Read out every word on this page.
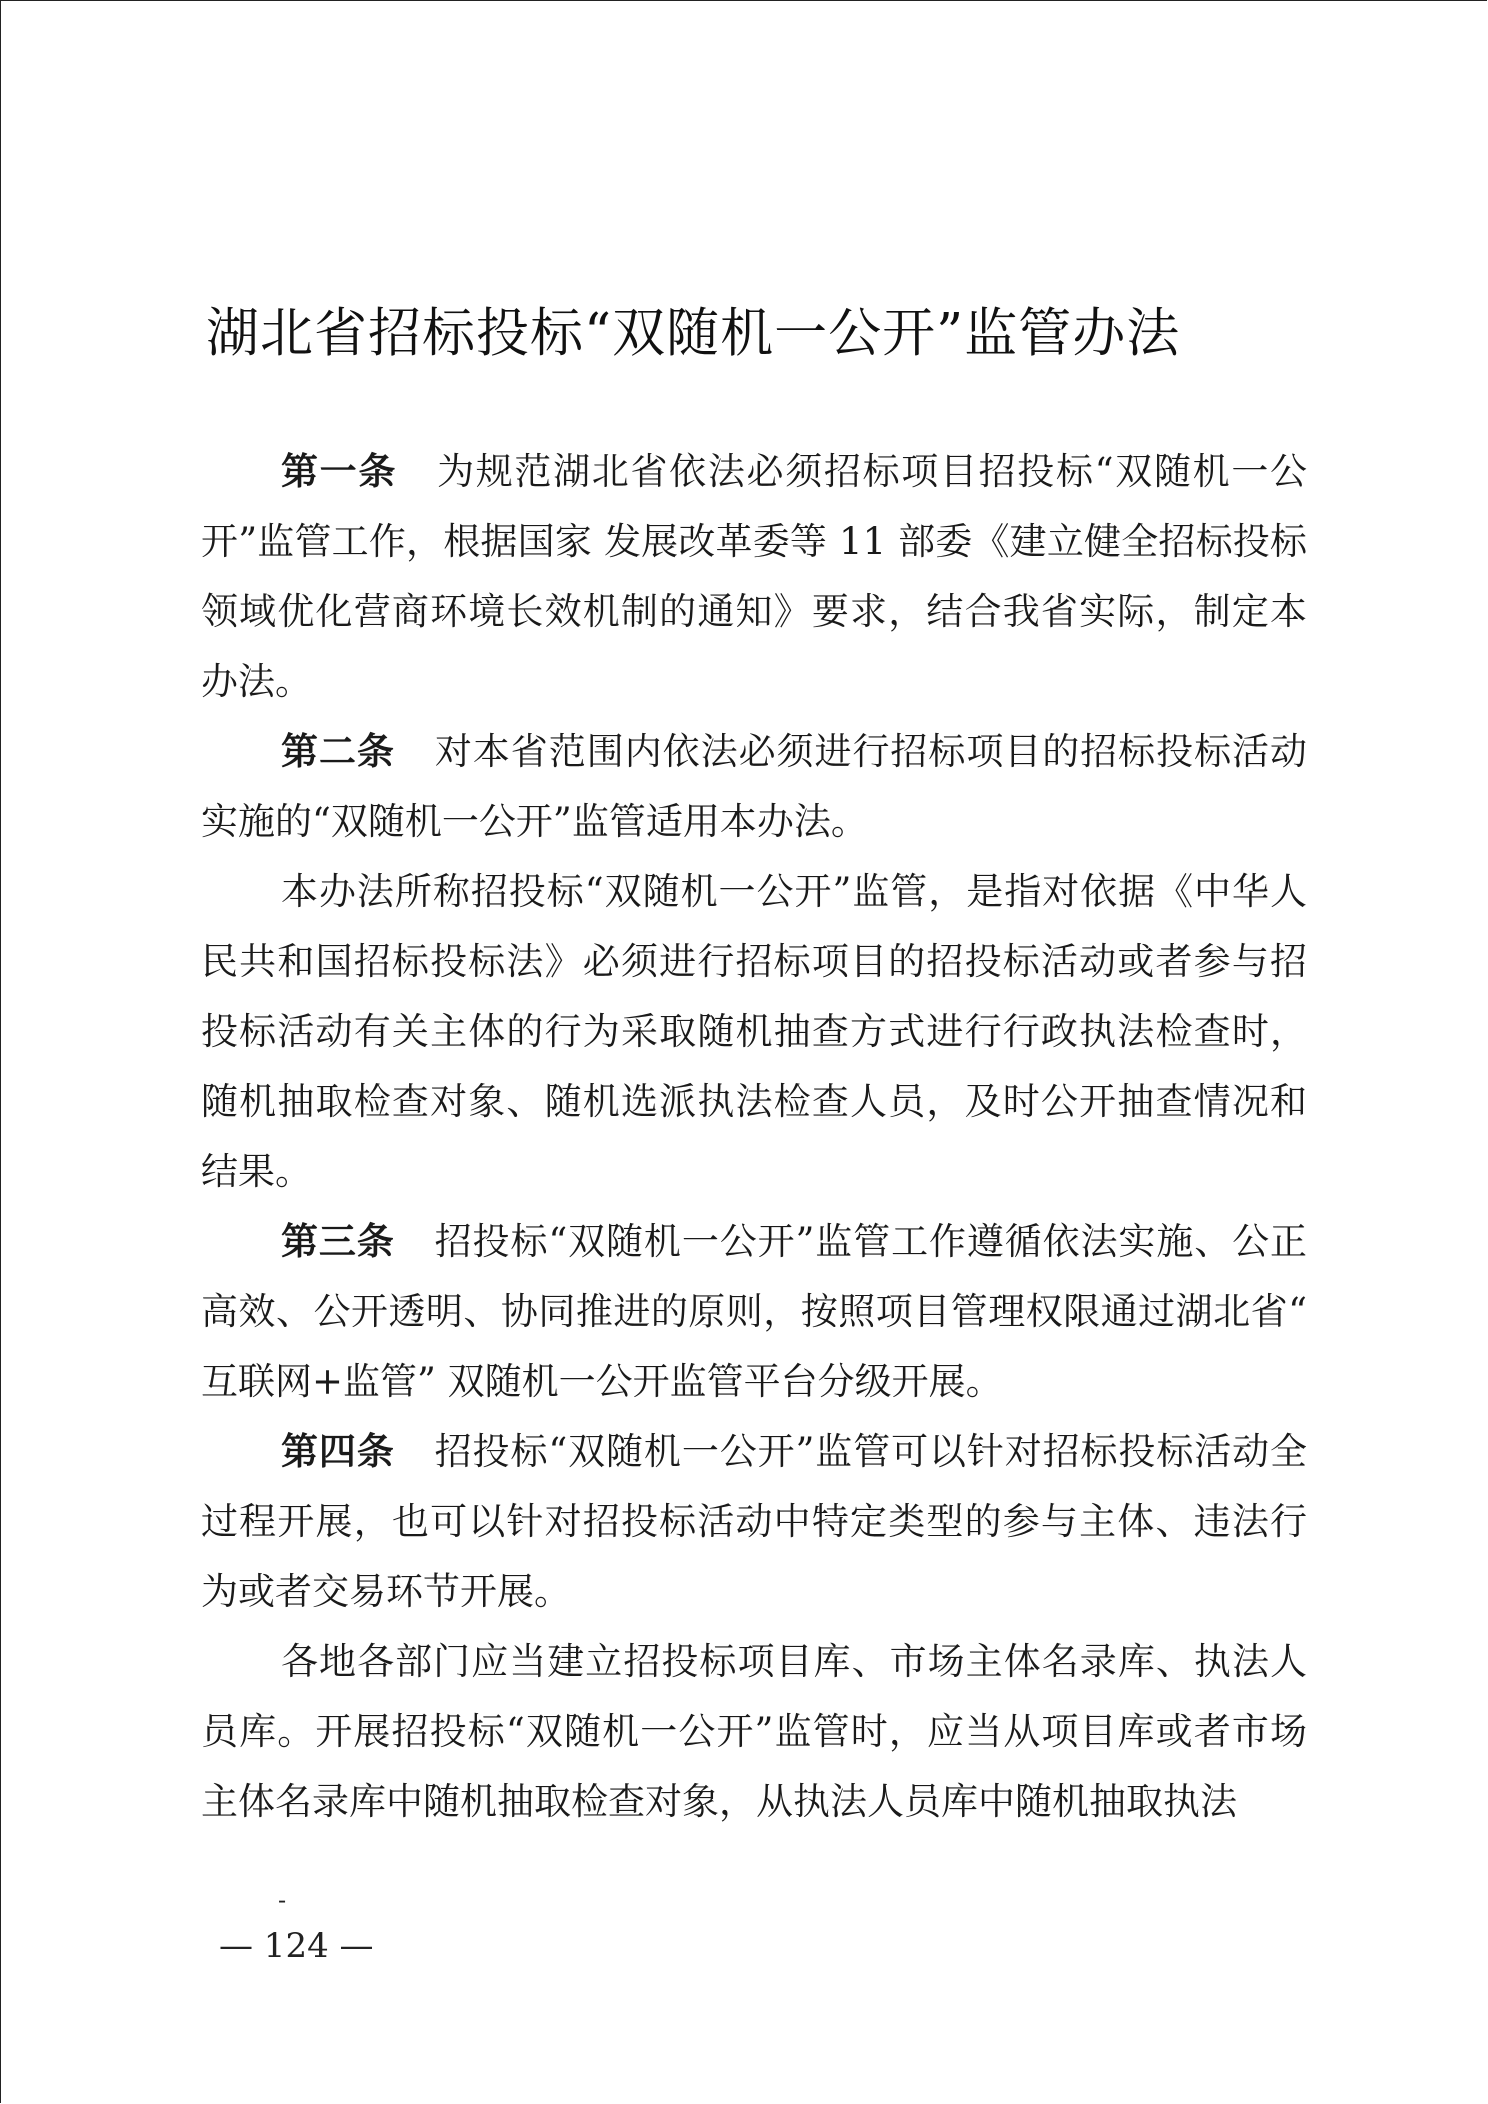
湖北省招标投标“双随机一公开”监管办法

第一条 为规范湖北省依法必须招标项目招投标“双随机一公开”监管工作，根据国家 发展改革委等 11 部委《建立健全招标投标领域优化营商环境长效机制的通知》要求，结合我省实际，制定本办法。

第二条 对本省范围内依法必须进行招标项目的招标投标活动实施的“双随机一公开”监管适用本办法。

本办法所称招投标“双随机一公开”监管，是指对依据《中华人民共和国招标投标法》必须进行招标项目的招投标活动或者参与招投标活动有关主体的行为采取随机抽查方式进行行政执法检查时，随机抽取检查对象、随机选派执法检查人员，及时公开抽查情况和结果。

第三条 招投标“双随机一公开”监管工作遵循依法实施、公正高效、公开透明、协同推进的原则，按照项目管理权限通过湖北省“ 互联网+监管” 双随机一公开监管平台分级开展。

第四条 招投标“双随机一公开”监管可以针对招标投标活动全过程开展，也可以针对招投标活动中特定类型的参与主体、违法行为或者交易环节开展。

各地各部门应当建立招投标项目库、市场主体名录库、执法人员库。开展招投标“双随机一公开”监管时，应当从项目库或者市场主体名录库中随机抽取检查对象，从执法人员库中随机抽取执法

-
— 124 —
